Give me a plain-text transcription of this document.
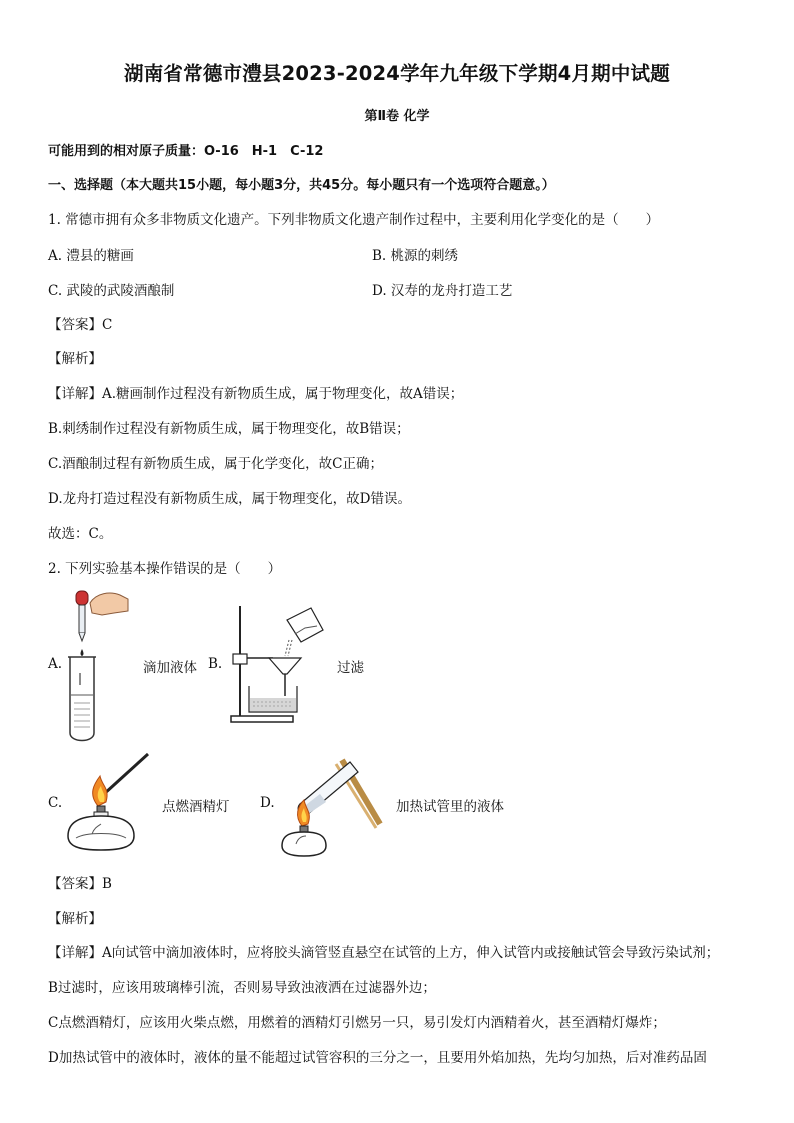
湖南省常德市澧县2023-2024学年九年级下学期4月期中试题
第Ⅱ卷 化学
可能用到的相对原子质量：O-16　H-1　C-12
一、选择题（本大题共15小题，每小题3分，共45分。每小题只有一个选项符合题意。）
1. 常德市拥有众多非物质文化遗产。下列非物质文化遗产制作过程中，主要利用化学变化的是（　　）
A. 澧县的糖画	B. 桃源的刺绣
C. 武陵的武陵酒酿制	D. 汉寿的龙舟打造工艺
【答案】C
【解析】
【详解】A.糖画制作过程没有新物质生成，属于物理变化，故A错误；
B.刺绣制作过程没有新物质生成，属于物理变化，故B错误；
C.酒酿制过程有新物质生成，属于化学变化，故C正确；
D.龙舟打造过程没有新物质生成，属于物理变化，故D错误。
故选：C。
2. 下列实验基本操作错误的是（　　）
A.	滴加液体 B.	过滤
C.	点燃酒精灯 D.	加热试管里的液体
【答案】B
【解析】
【详解】A向试管中滴加液体时，应将胶头滴管竖直悬空在试管的上方，伸入试管内或接触试管会导致污染试剂；
B过滤时，应该用玻璃棒引流，否则易导致浊液洒在过滤器外边；
C点燃酒精灯，应该用火柴点燃，用燃着的酒精灯引燃另一只，易引发灯内酒精着火，甚至酒精灯爆炸；
D加热试管中的液体时，液体的量不能超过试管容积的三分之一，且要用外焰加热，先均匀加热，后对准药品固
